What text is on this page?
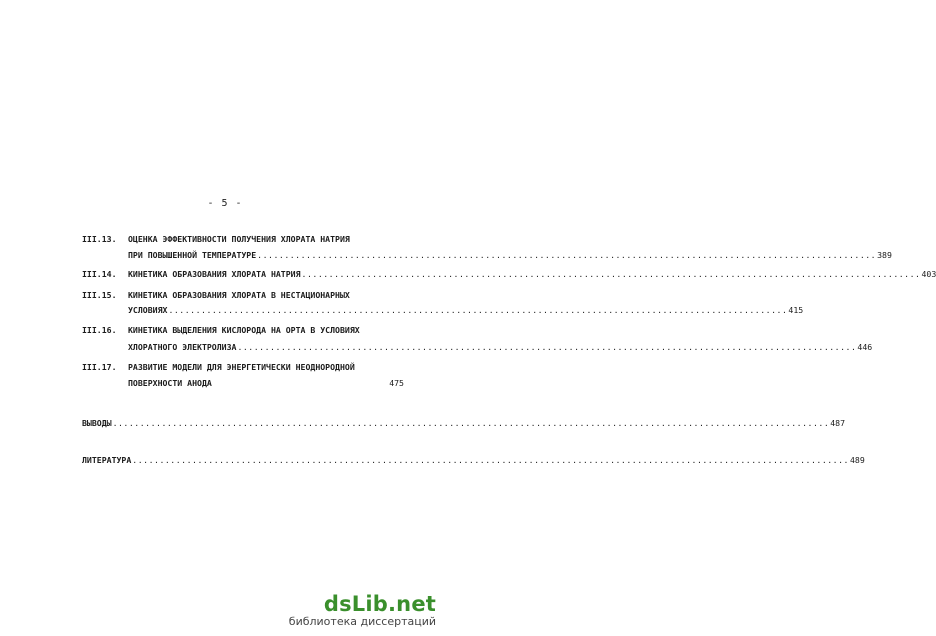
- 5 -
III.13. ОЦЕНКА ЭФФЕКТИВНОСТИ ПОЛУЧЕНИЯ ХЛОРАТА НАТРИЯ
ПРИ ПОВЫШЕННОЙ ТЕМПЕРАТУРЕ .................................................................................................................. 389
III.14. КИНЕТИКА ОБРАЗОВАНИЯ ХЛОРАТА НАТРИЯ .................................................................................................................. 403
III.15. КИНЕТИКА ОБРАЗОВАНИЯ ХЛОРАТА В НЕСТАЦИОНАРНЫХ
УСЛОВИЯХ .................................................................................................................. 415
III.16. КИНЕТИКА ВЫДЕЛЕНИЯ КИСЛОРОДА НА ОРТА В УСЛОВИЯХ
ХЛОРАТНОГО ЭЛЕКТРОЛИЗА .................................................................................................................. 446
III.17. РАЗВИТИЕ МОДЕЛИ ДЛЯ ЭНЕРГЕТИЧЕСКИ НЕОДНОРОДНОЙ
ПОВЕРХНОСТИ АНОДА	475
ВЫВОДЫ .................................................................................................................................... 487
ЛИТЕРАТУРА .................................................................................................................................... 489
dsLib.net
библиотека диссертаций
